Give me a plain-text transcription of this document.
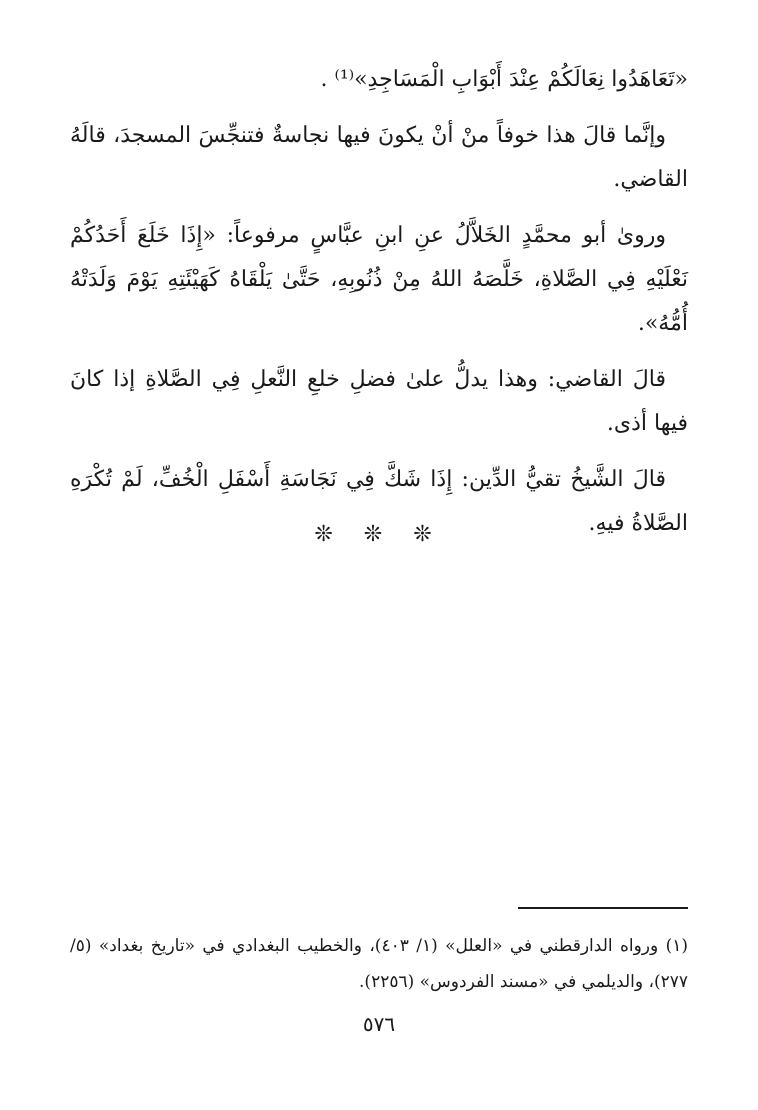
«تَعَاهَدُوا نِعَالَكُمْ عِنْدَ أَبْوَابِ الْمَسَاجِدِ»⁽¹⁾ .

وإنَّما قالَ هذا خوفاً منْ أنْ يكونَ فيها نجاسةٌ فتنجِّسَ المسجدَ، قالَهُ القاضي.

وروىٰ أبو محمَّدٍ الخَلاَّلُ عنِ ابنِ عبَّاسٍ مرفوعاً: «إِذَا خَلَعَ أَحَدُكُمْ نَعْلَيْهِ فِي الصَّلاةِ، خَلَّصَهُ اللهُ مِنْ ذُنُوبِهِ، حَتَّىٰ يَلْقَاهُ كَهَيْئَتِهِ يَوْمَ وَلَدَتْهُ أُمُّهُ».

قالَ القاضي: وهذا يدلُّ علىٰ فضلِ خلعِ النَّعلِ فِي الصَّلاةِ إذا كانَ فيها أذى.

قالَ الشَّيخُ تقيُّ الدِّين: إِذَا شَكَّ فِي نَجَاسَةِ أَسْفَلِ الْخُفِّ، لَمْ تُكْرَهِ الصَّلاةُ فيهِ.

❊ ❊ ❊
(١) ورواه الدارقطني في «العلل» (١/ ٤٠٣)، والخطيب البغدادي في «تاريخ بغداد» (٥/ ٢٧٧)، والديلمي في «مسند الفردوس» (٢٢٥٦).
٥٧٦
